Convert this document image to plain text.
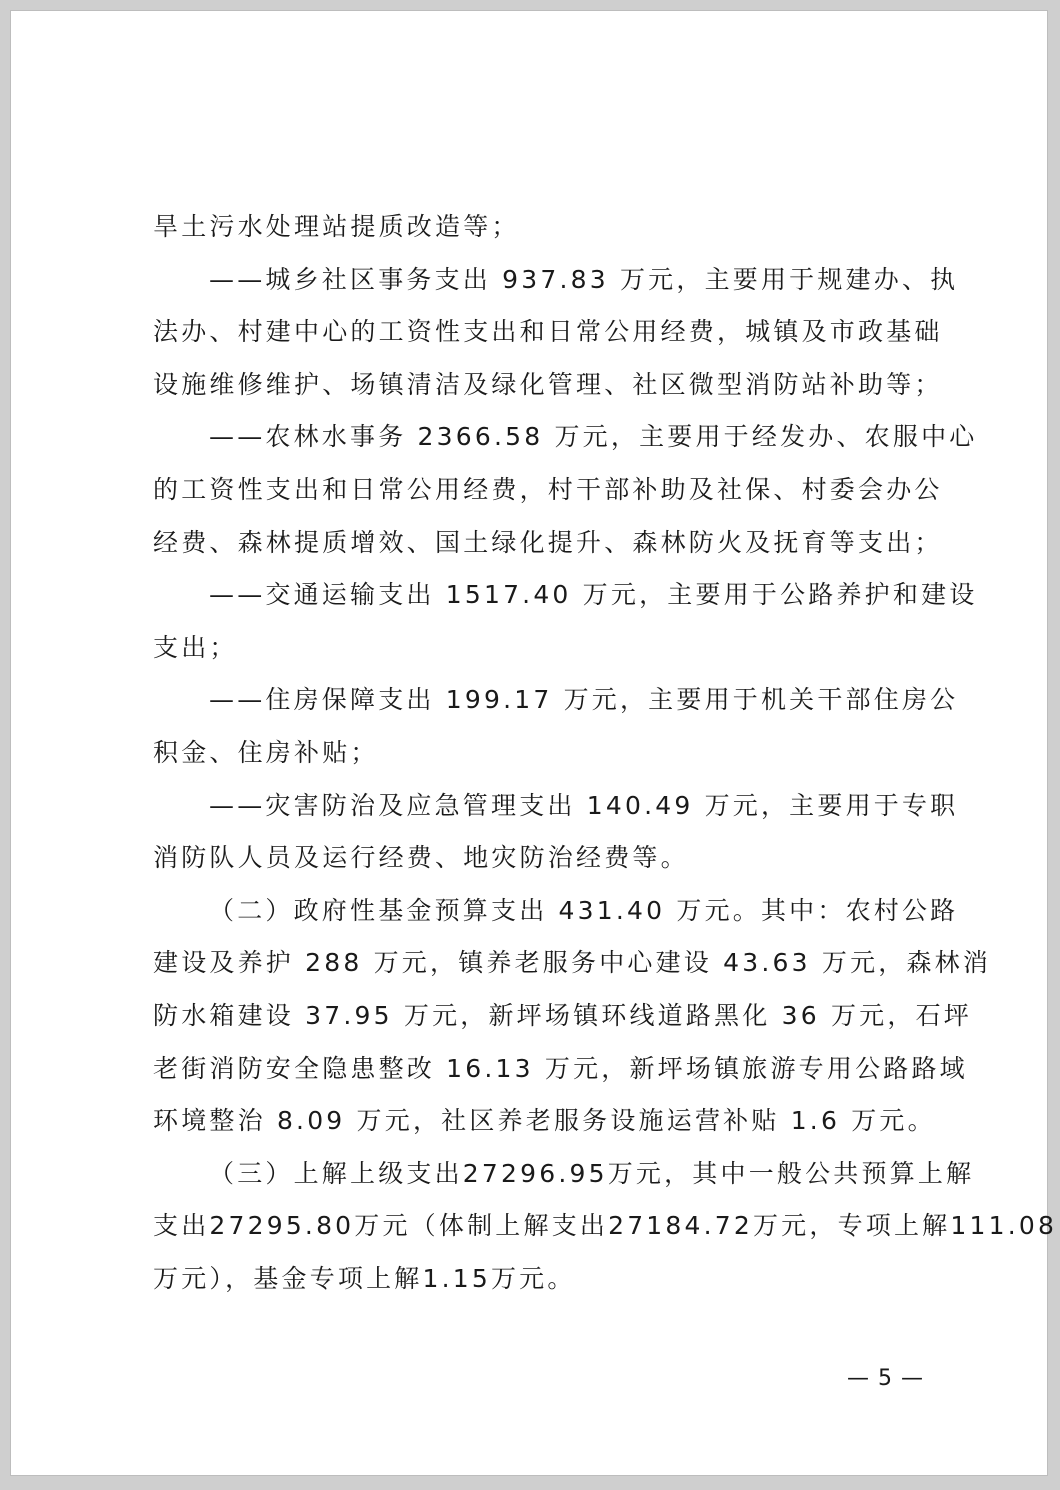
旱土污水处理站提质改造等；
——城乡社区事务支出 937.83 万元，主要用于规建办、执
法办、村建中心的工资性支出和日常公用经费，城镇及市政基础
设施维修维护、场镇清洁及绿化管理、社区微型消防站补助等；
——农林水事务 2366.58 万元，主要用于经发办、农服中心
的工资性支出和日常公用经费，村干部补助及社保、村委会办公
经费、森林提质增效、国土绿化提升、森林防火及抚育等支出；
——交通运输支出 1517.40 万元，主要用于公路养护和建设
支出；
——住房保障支出 199.17 万元，主要用于机关干部住房公
积金、住房补贴；
——灾害防治及应急管理支出 140.49 万元，主要用于专职
消防队人员及运行经费、地灾防治经费等。
（二）政府性基金预算支出 431.40 万元。其中：农村公路
建设及养护 288 万元，镇养老服务中心建设 43.63 万元，森林消
防水箱建设 37.95 万元，新坪场镇环线道路黑化 36 万元，石坪
老街消防安全隐患整改 16.13 万元，新坪场镇旅游专用公路路域
环境整治 8.09 万元，社区养老服务设施运营补贴 1.6 万元。
（三）上解上级支出27296.95万元，其中一般公共预算上解
支出27295.80万元（体制上解支出27184.72万元，专项上解111.08
万元），基金专项上解1.15万元。
— 5 —
